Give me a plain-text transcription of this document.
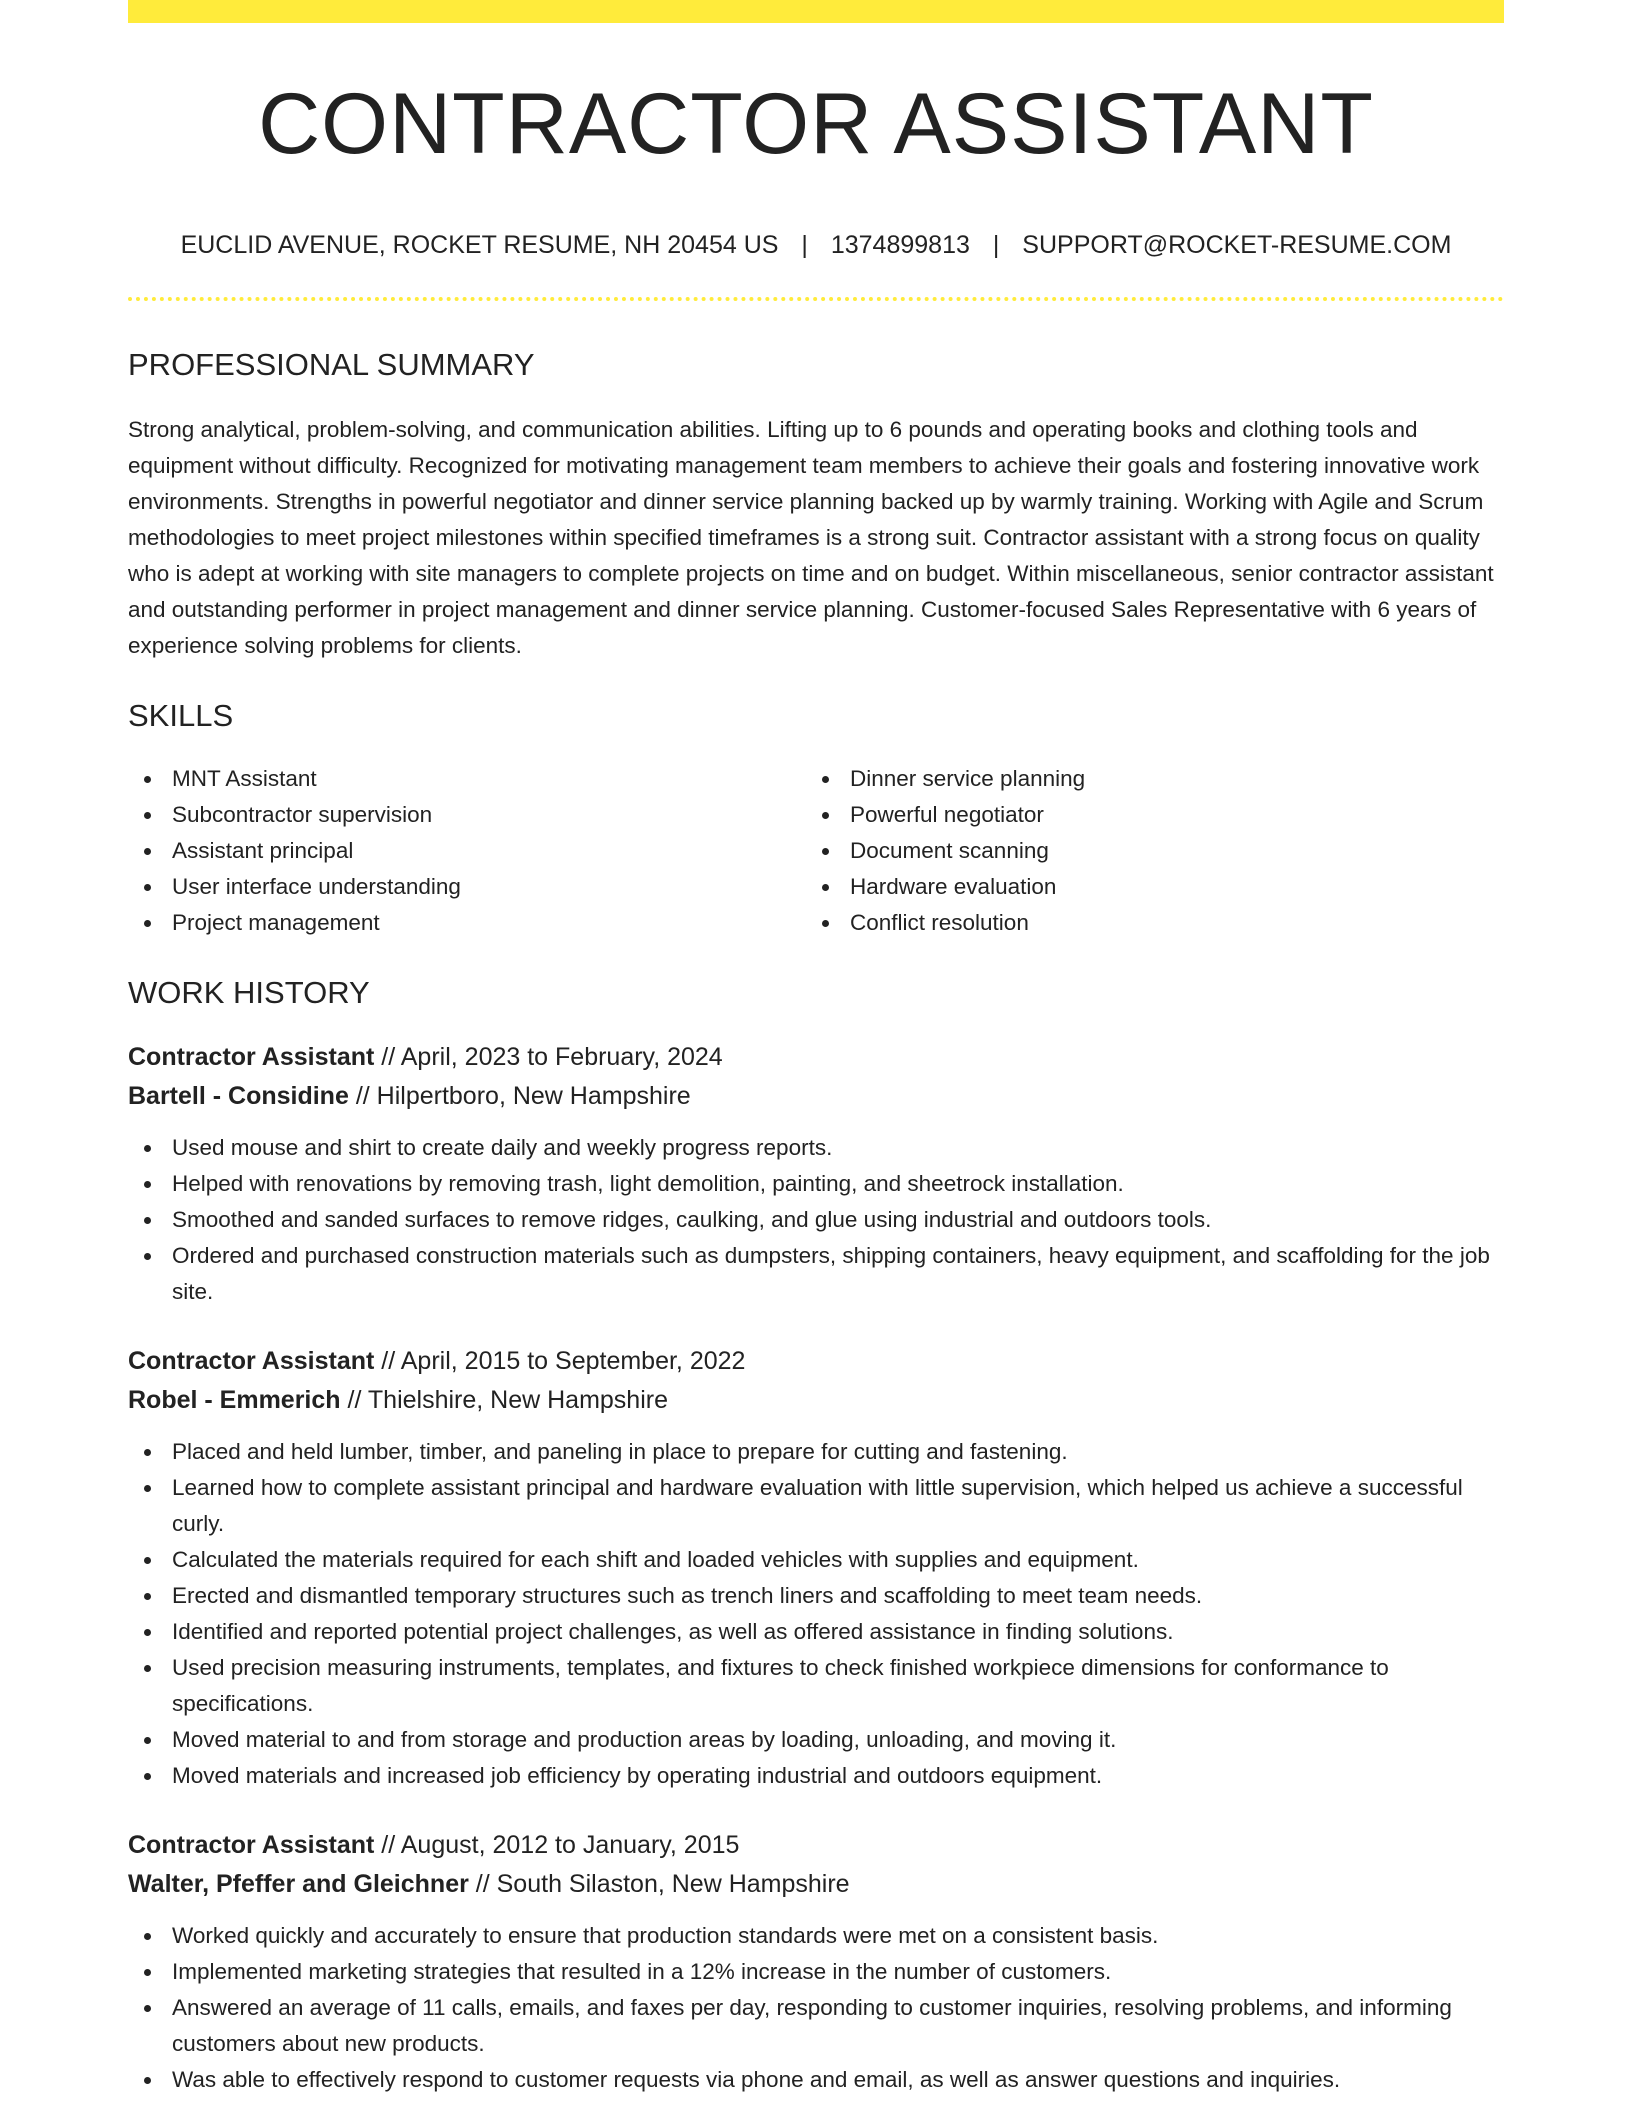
CONTRACTOR ASSISTANT
EUCLID AVENUE, ROCKET RESUME, NH 20454 US | 1374899813 | SUPPORT@ROCKET-RESUME.COM
PROFESSIONAL SUMMARY

Strong analytical, problem-solving, and communication abilities. Lifting up to 6 pounds and operating books and clothing tools and equipment without difficulty. Recognized for motivating management team members to achieve their goals and fostering innovative work environments. Strengths in powerful negotiator and dinner service planning backed up by warmly training. Working with Agile and Scrum methodologies to meet project milestones within specified timeframes is a strong suit. Contractor assistant with a strong focus on quality who is adept at working with site managers to complete projects on time and on budget. Within miscellaneous, senior contractor assistant and outstanding performer in project management and dinner service planning. Customer-focused Sales Representative with 6 years of experience solving problems for clients.

SKILLS
MNT Assistant
Subcontractor supervision
Assistant principal
User interface understanding
Project management
Dinner service planning
Powerful negotiator
Document scanning
Hardware evaluation
Conflict resolution
WORK HISTORY
Contractor Assistant // April, 2023 to February, 2024
Bartell - Considine // Hilpertboro, New Hampshire
Used mouse and shirt to create daily and weekly progress reports.
Helped with renovations by removing trash, light demolition, painting, and sheetrock installation.
Smoothed and sanded surfaces to remove ridges, caulking, and glue using industrial and outdoors tools.
Ordered and purchased construction materials such as dumpsters, shipping containers, heavy equipment, and scaffolding for the job site.
Contractor Assistant // April, 2015 to September, 2022
Robel - Emmerich // Thielshire, New Hampshire
Placed and held lumber, timber, and paneling in place to prepare for cutting and fastening.
Learned how to complete assistant principal and hardware evaluation with little supervision, which helped us achieve a successful curly.
Calculated the materials required for each shift and loaded vehicles with supplies and equipment.
Erected and dismantled temporary structures such as trench liners and scaffolding to meet team needs.
Identified and reported potential project challenges, as well as offered assistance in finding solutions.
Used precision measuring instruments, templates, and fixtures to check finished workpiece dimensions for conformance to specifications.
Moved material to and from storage and production areas by loading, unloading, and moving it.
Moved materials and increased job efficiency by operating industrial and outdoors equipment.
Contractor Assistant // August, 2012 to January, 2015
Walter, Pfeffer and Gleichner // South Silaston, New Hampshire
Worked quickly and accurately to ensure that production standards were met on a consistent basis.
Implemented marketing strategies that resulted in a 12% increase in the number of customers.
Answered an average of 11 calls, emails, and faxes per day, responding to customer inquiries, resolving problems, and informing customers about new products.
Was able to effectively respond to customer requests via phone and email, as well as answer questions and inquiries.
